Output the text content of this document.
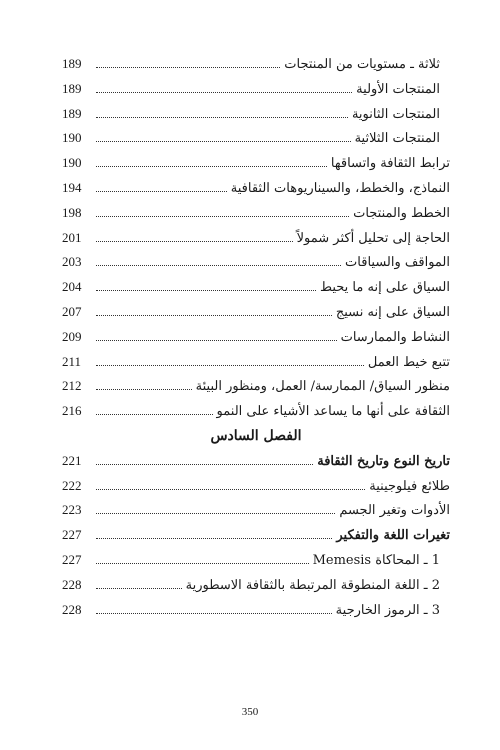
ثلاثة ـ مستويات من المنتجات
189
المنتجات الأولية
189
المنتجات الثانوية
189
المنتجات الثلاثية
190
ترابط الثقافة واتساقها
190
النماذج، والخطط، والسيناريوهات الثقافية
194
الخطط والمنتجات
198
الحاجة إلى تحليل أكثر شمولاً
201
المواقف والسياقات
203
السياق على إنه ما يحيط
204
السياق على إنه نسيج
207
النشاط والممارسات
209
تتبع خيط العمل
211
منظور السياق/ الممارسة/ العمل، ومنظور البيئة
212
الثقافة على أنها ما يساعد الأشياء على النمو
216
الفصل السادس
تاريخ النوع وتاريخ الثقافة
221
طلائع فيلوجينية
222
الأدوات وتغير الجسم
223
تغيرات اللغة والتفكير
227
1 ـ المحاكاة Memesis
227
2 ـ اللغة المنطوقة المرتبطة بالثقافة الاسطورية
228
3 ـ الرموز الخارجية
228
350
